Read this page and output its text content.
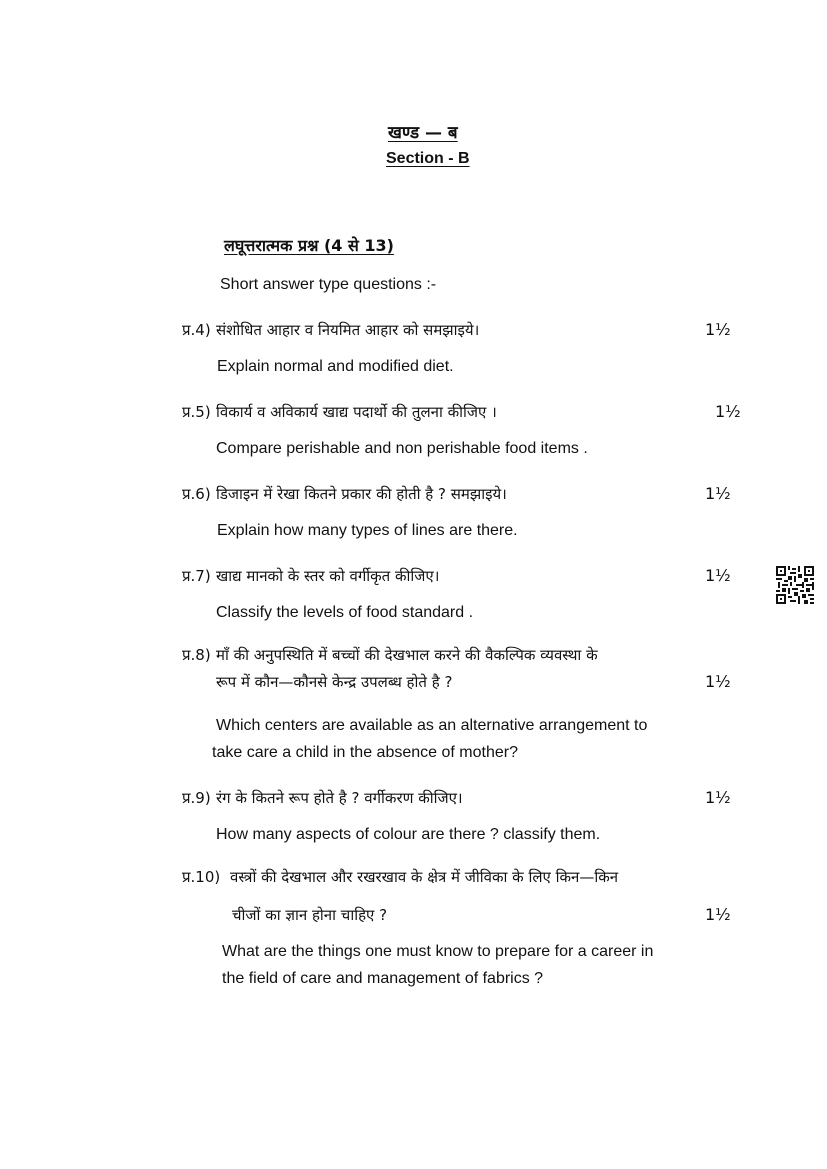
खण्ड — ब
Section - B
लघूत्तरात्मक प्रश्न (4 से 13)
Short answer type questions :-
प्र.4) संशोधित आहार व नियमित आहार को समझाइये।	1½
Explain normal and modified diet.
प्र.5) विकार्य व अविकार्य खाद्य पदार्थो की तुलना कीजिए ।	1½
Compare perishable and non perishable food items .
प्र.6) डिजाइन में रेखा कितने प्रकार की होती है ? समझाइये।	1½
Explain how many types of lines are there.
प्र.7) खाद्य मानको के स्तर को वर्गीकृत कीजिए।	1½
Classify the levels of food standard .
प्र.8) माँ की अनुपस्थिति में बच्चों की देखभाल करने की वैकल्पिक व्यवस्था के
रूप में कौन—कौनसे केन्द्र उपलब्ध होते है ?	1½
Which centers are available as an alternative arrangement to
take care a child in the absence of mother?
प्र.9) रंग के कितने रूप होते है ? वर्गीकरण कीजिए।	1½
How many aspects of colour are there ? classify them.
प्र.10) वस्त्रों की देखभाल और रखरखाव के क्षेत्र में जीविका के लिए किन—किन
चीजों का ज्ञान होना चाहिए ?	1½
What are the things one must know to prepare for a career in
the field of care and management of fabrics ?
